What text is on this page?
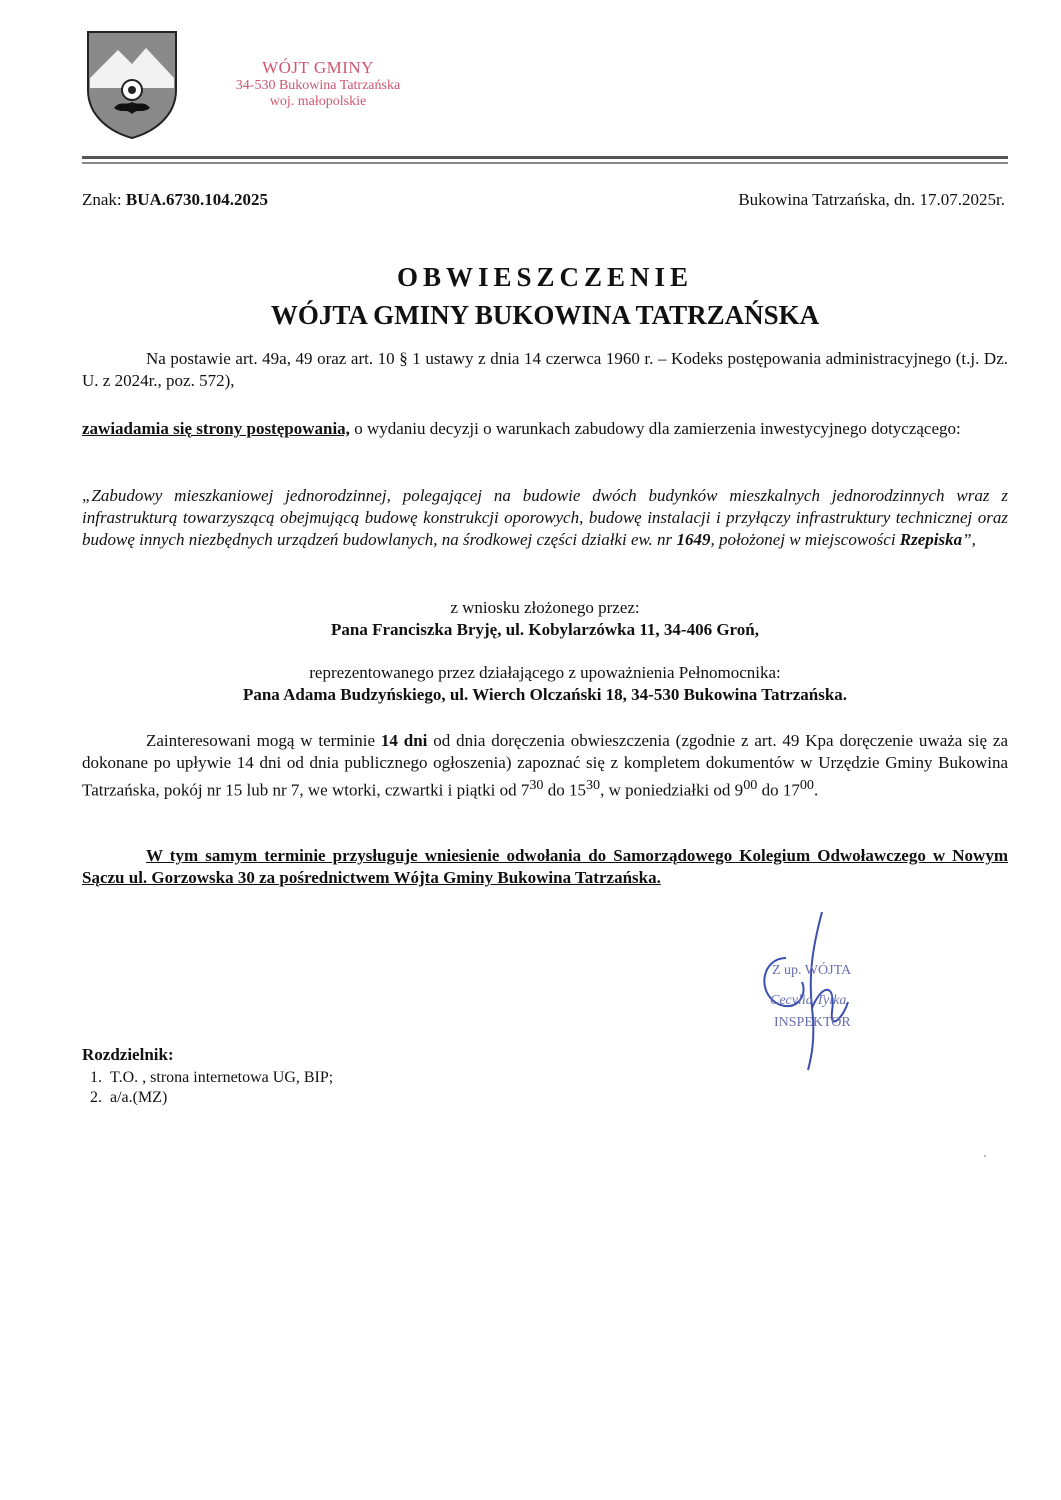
WÓJT GMINY
34-530 Bukowina Tatrzańska
woj. małopolskie
Znak: BUA.6730.104.2025	Bukowina Tatrzańska, dn. 17.07.2025r.
OBWIESZCZENIE
WÓJTA GMINY BUKOWINA TATRZAŃSKA
Na postawie art. 49a, 49 oraz art. 10 § 1 ustawy z dnia 14 czerwca 1960 r. – Kodeks postępowania administracyjnego (t.j. Dz. U. z 2024r., poz. 572),
zawiadamia się strony postępowania, o wydaniu decyzji o warunkach zabudowy dla zamierzenia inwestycyjnego dotyczącego:
„Zabudowy mieszkaniowej jednorodzinnej, polegającej na budowie dwóch budynków mieszkalnych jednorodzinnych wraz z infrastrukturą towarzyszącą obejmującą budowę konstrukcji oporowych, budowę instalacji i przyłączy infrastruktury technicznej oraz budowę innych niezbędnych urządzeń budowlanych, na środkowej części działki ew. nr 1649, położonej w miejscowości Rzepiska”,
z wniosku złożonego przez:
Pana Franciszka Bryję, ul. Kobylarzówka 11, 34-406 Groń,
reprezentowanego przez działającego z upoważnienia Pełnomocnika:
Pana Adama Budzyńskiego, ul. Wierch Olczański 18, 34-530 Bukowina Tatrzańska.
Zainteresowani mogą w terminie 14 dni od dnia doręczenia obwieszczenia (zgodnie z art. 49 Kpa doręczenie uważa się za dokonane po upływie 14 dni od dnia publicznego ogłoszenia) zapoznać się z kompletem dokumentów w Urzędzie Gminy Bukowina Tatrzańska, pokój nr 15 lub nr 7, we wtorki, czwartki i piątki od $7^{30}$ do $15^{30}$, w poniedziałki od $9^{00}$ do $17^{00}$.
W tym samym terminie przysługuje wniesienie odwołania do Samorządowego Kolegium Odwoławczego w Nowym Sączu ul. Gorzowska 30 za pośrednictwem Wójta Gminy Bukowina Tatrzańska.
Z up. WÓJTA
Cecylia Tylka
INSPEKTOR
Rozdzielnik:
1.  T.O. , strona internetowa UG, BIP;
2.  a/a.(MZ)
